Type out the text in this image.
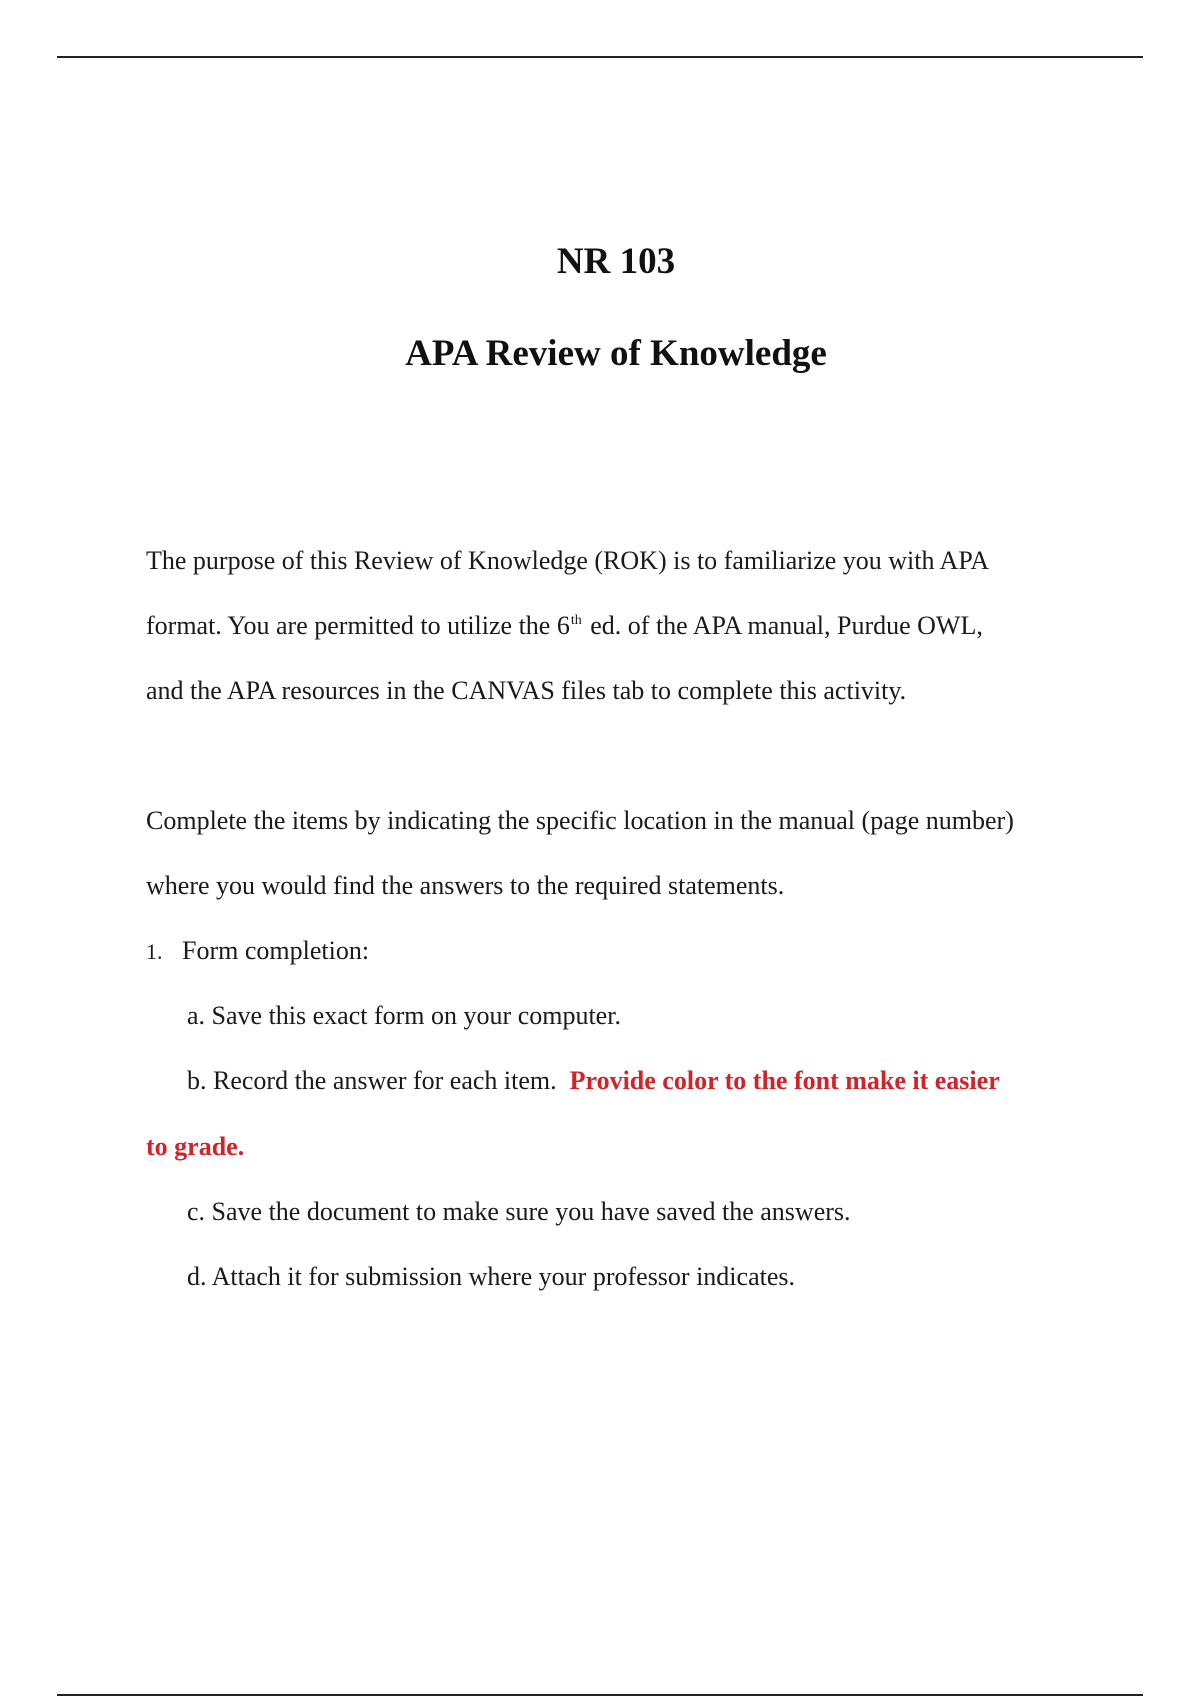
NR 103
APA Review of Knowledge

The purpose of this Review of Knowledge (ROK) is to familiarize you with APA
format. You are permitted to utilize the 6th ed. of the APA manual, Purdue OWL,
and the APA resources in the CANVAS files tab to complete this activity.

Complete the items by indicating the specific location in the manual (page number)
where you would find the answers to the required statements.

1. Form completion:

a. Save this exact form on your computer.

b. Record the answer for each item. Provide color to the font make it easier

to grade.

c. Save the document to make sure you have saved the answers.

d. Attach it for submission where your professor indicates.
